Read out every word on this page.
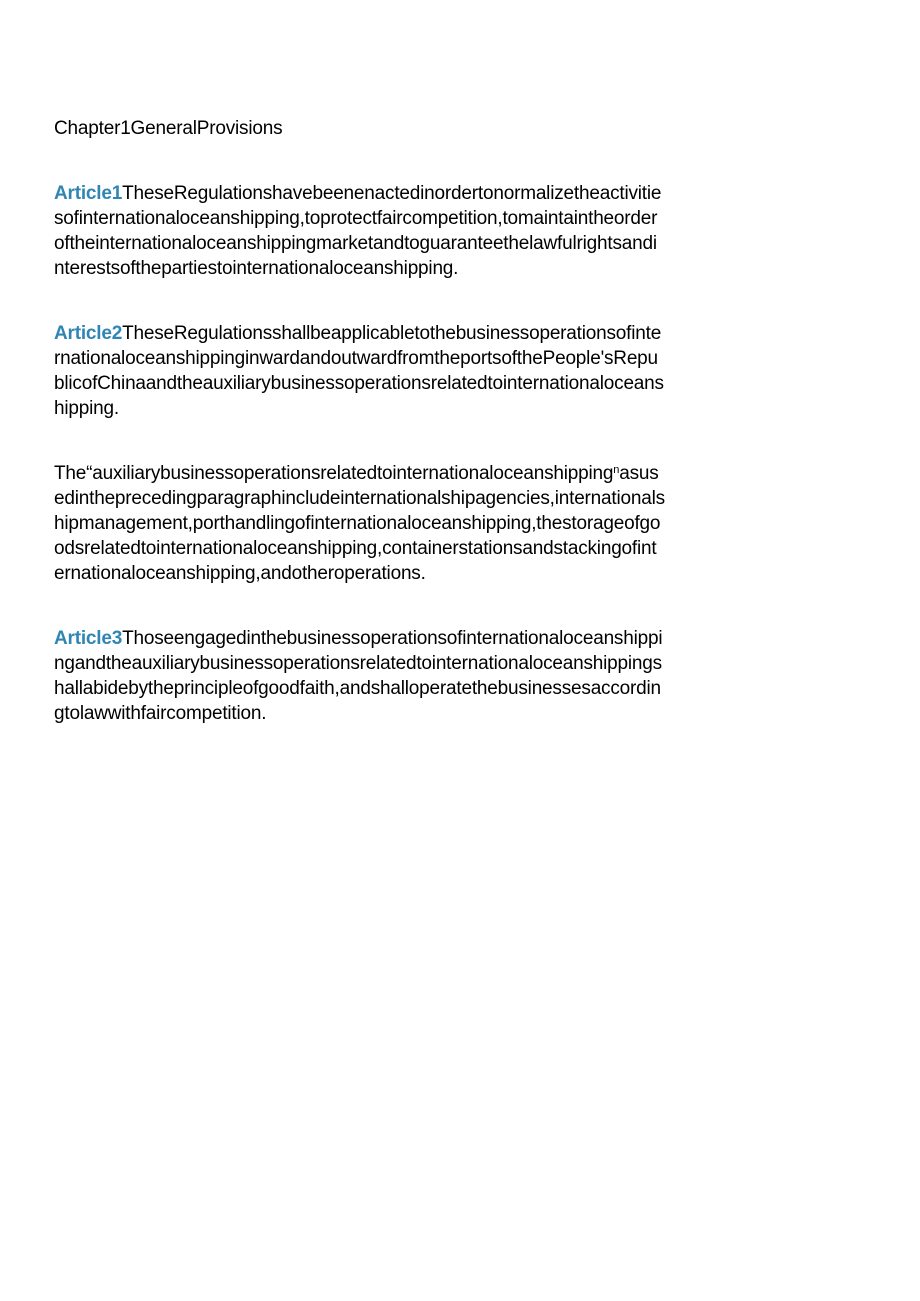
Chapter1GeneralProvisions
Article1TheseRegulationshavebeenenactedinordertonormalizetheactivitie
sofinternationaloceanshipping,toprotectfaircompetition,tomaintaintheorder
oftheinternationaloceanshippingmarketandtoguaranteethelawfulrightsandi
nterestsofthepartiestointernationaloceanshipping.
Article2TheseRegulationsshallbeapplicabletothebusinessoperationsofinte
rnationaloceanshippinginwardandoutwardfromtheportsofthePeople'sRepu
blicofChinaandtheauxiliarybusinessoperationsrelatedtointernationaloceans
hipping.
The“auxiliarybusinessoperationsrelatedtointernationaloceanshipping$^n$asus
edintheprecedingparagraphincludeinternationalshipagencies,internationals
hipmanagement,porthandlingofinternationaloceanshipping,thestorageofgo
odsrelatedtointernationaloceanshipping,containerstationsandstackingofint
ernationaloceanshipping,andotheroperations.
Article3Thoseengagedinthebusinessoperationsofinternationaloceanshippi
ngandtheauxiliarybusinessoperationsrelatedtointernationaloceanshippings
hallabidebytheprincipleofgoodfaith,andshalloperatethebusinessesaccordin
gtolawwithfaircompetition.
